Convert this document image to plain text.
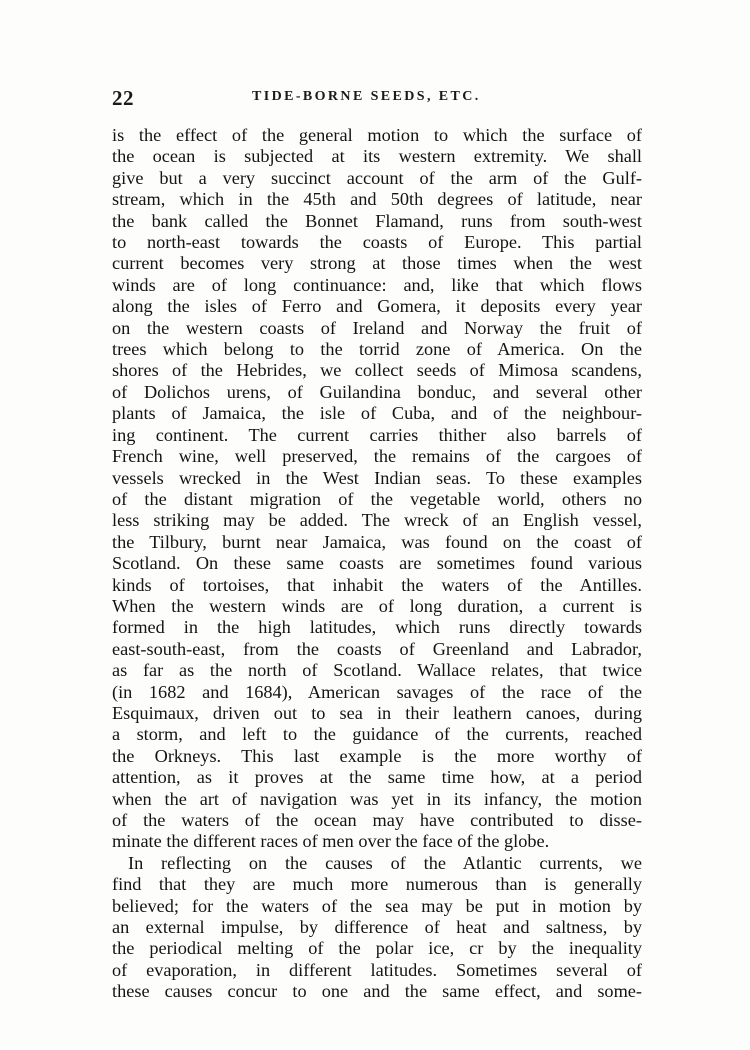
22	TIDE-BORNE SEEDS, ETC.
is the effect of the general motion to which the surface of
the ocean is subjected at its western extremity. We shall
give but a very succinct account of the arm of the Gulf-
stream, which in the 45th and 50th degrees of latitude, near
the bank called the Bonnet Flamand, runs from south-west
to north-east towards the coasts of Europe. This partial
current becomes very strong at those times when the west
winds are of long continuance: and, like that which flows
along the isles of Ferro and Gomera, it deposits every year
on the western coasts of Ireland and Norway the fruit of
trees which belong to the torrid zone of America. On the
shores of the Hebrides, we collect seeds of Mimosa scandens,
of Dolichos urens, of Guilandina bonduc, and several other
plants of Jamaica, the isle of Cuba, and of the neighbour-
ing continent. The current carries thither also barrels of
French wine, well preserved, the remains of the cargoes of
vessels wrecked in the West Indian seas. To these examples
of the distant migration of the vegetable world, others no
less striking may be added. The wreck of an English vessel,
the Tilbury, burnt near Jamaica, was found on the coast of
Scotland. On these same coasts are sometimes found various
kinds of tortoises, that inhabit the waters of the Antilles.
When the western winds are of long duration, a current is
formed in the high latitudes, which runs directly towards
east-south-east, from the coasts of Greenland and Labrador,
as far as the north of Scotland. Wallace relates, that twice
(in 1682 and 1684), American savages of the race of the
Esquimaux, driven out to sea in their leathern canoes, during
a storm, and left to the guidance of the currents, reached
the Orkneys. This last example is the more worthy of
attention, as it proves at the same time how, at a period
when the art of navigation was yet in its infancy, the motion
of the waters of the ocean may have contributed to disse-
minate the different races of men over the face of the globe.
In reflecting on the causes of the Atlantic currents, we
find that they are much more numerous than is generally
believed; for the waters of the sea may be put in motion by
an external impulse, by difference of heat and saltness, by
the periodical melting of the polar ice, cr by the inequality
of evaporation, in different latitudes. Sometimes several of
these causes concur to one and the same effect, and some-
